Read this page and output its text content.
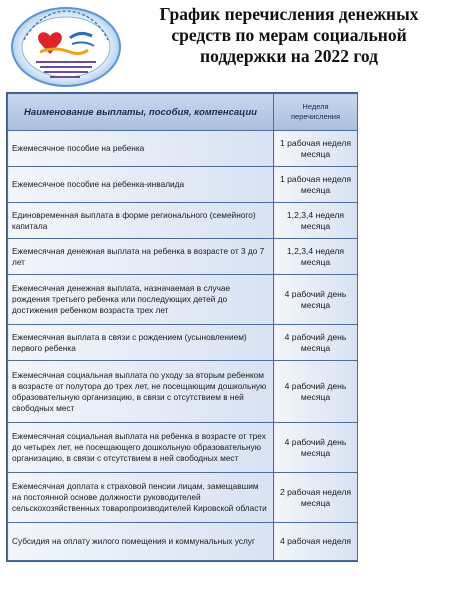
График перечисления денежных
средств по мерам социальной
поддержки на 2022 год
Наименование выплаты, пособия, компенсации	Неделя
перечисления
Ежемесячное пособие на ребенка	1 рабочая неделя месяца
Ежемесячное пособие на ребенка-инвалида	1 рабочая неделя месяца
Единовременная выплата в форме регионального (семейного) капитала	1,2,3,4 неделя месяца
Ежемесячная денежная выплата на ребенка в возрасте от 3 до 7 лет	1,2,3,4 неделя месяца
Ежемесячная денежная выплата, назначаемая в случае рождения третьего ребенка или последующих детей до достижения ребенком возраста трех лет	4 рабочий день месяца
Ежемесячная выплата в связи с рождением (усыновлением) первого ребенка	4 рабочий день месяца
Ежемесячная социальная выплата по уходу за вторым ребенком в возрасте от полутора до трех лет, не посещающим дошкольную образовательную организацию, в связи с отсутствием в ней свободных мест	4 рабочий день месяца
Ежемесячная социальная выплата на ребенка в возрасте от трех до четырех лет, не посещающего дошкольную образовательную организацию, в связи с отсутствием в ней свободных мест	4 рабочий день месяца
Ежемесячная доплата к страховой пенсии лицам, замещавшим на постоянной основе должности руководителей сельскохозяйственных товаропроизводителей Кировской области	2 рабочая неделя месяца
Субсидия на оплату жилого помещения и коммунальных услуг	4 рабочая неделя
